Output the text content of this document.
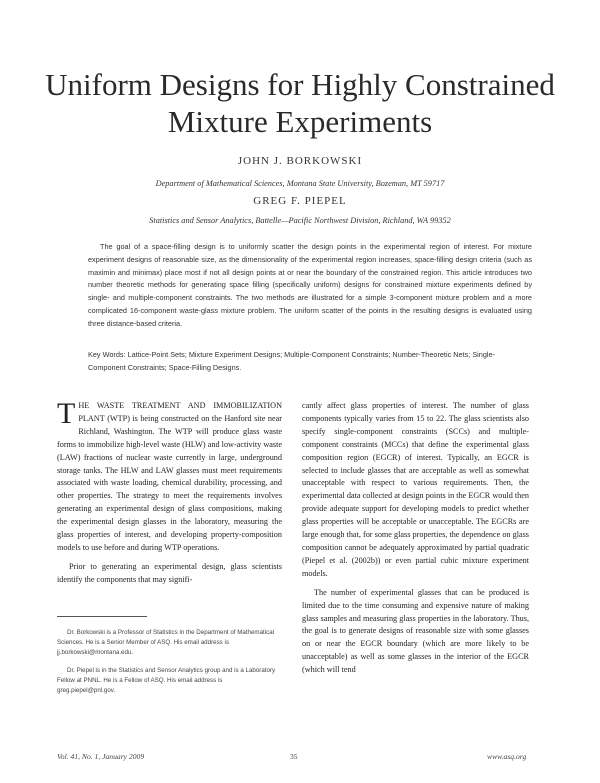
Uniform Designs for Highly Constrained
Mixture Experiments
JOHN J. BORKOWSKI
Department of Mathematical Sciences, Montana State University, Bozeman, MT 59717
GREG F. PIEPEL
Statistics and Sensor Analytics, Battelle—Pacific Northwest Division, Richland, WA 99352

The goal of a space-filling design is to uniformly scatter the design points in the experimental region of interest. For mixture experiment designs of reasonable size, as the dimensionality of the experimental region increases, space-filling design criteria (such as maximin and minimax) place most if not all design points at or near the boundary of the constrained region. This article introduces two number theoretic methods for generating space filling (specifically uniform) designs for constrained mixture experiments defined by single- and multiple-component constraints. The two methods are illustrated for a simple 3-component mixture problem and a more complicated 16-component waste-glass mixture problem. The uniform scatter of the points in the resulting designs is evaluated using three distance-based criteria.

Key Words: Lattice-Point Sets; Mixture Experiment Designs; Multiple-Component Constraints; Number-Theoretic Nets; Single-Component Constraints; Space-Filling Designs.

T HE WASTE TREATMENT AND IMMOBILIZATION PLANT (WTP) is being constructed on the Hanford site near Richland, Washington. The WTP will produce glass waste forms to immobilize high-level waste (HLW) and low-activity waste (LAW) fractions of nuclear waste currently in large, underground storage tanks. The HLW and LAW glasses must meet requirements associated with waste loading, chemical durability, processing, and other properties. The strategy to meet the requirements involves generating an experimental design of glass compositions, making the experimental design glasses in the laboratory, measuring the glass properties of interest, and developing property-composition models to use before and during WTP operations.

Prior to generating an experimental design, glass scientists identify the components that may signifi-

Dr. Borkowski is a Professor of Statistics in the Department of Mathematical Sciences. He is a Senior Member of ASQ. His email address is jj.borkowski@montana.edu.

Dr. Piepel is in the Statistics and Sensor Analytics group and is a Laboratory Fellow at PNNL. He is a Fellow of ASQ. His email address is greg.piepel@pnl.gov.

cantly affect glass properties of interest. The number of glass components typically varies from 15 to 22. The glass scientists also specify single-component constraints (SCCs) and multiple-component constraints (MCCs) that define the experimental glass composition region (EGCR) of interest. Typically, an EGCR is selected to include glasses that are acceptable as well as somewhat unacceptable with respect to various requirements. Then, the experimental data collected at design points in the EGCR would then provide adequate support for developing models to predict whether glass properties will be acceptable or unacceptable. The EGCRs are large enough that, for some glass properties, the dependence on glass composition cannot be adequately approximated by partial quadratic (Piepel et al. (2002b)) or even partial cubic mixture experiment models.

The number of experimental glasses that can be produced is limited due to the time consuming and expensive nature of making glass samples and measuring glass properties in the laboratory. Thus, the goal is to generate designs of reasonable size with some glasses on or near the EGCR boundary (which are more likely to be unacceptable) as well as some glasses in the interior of the EGCR (which will tend

Vol. 41, No. 1, January 2009	35	www.asq.org
